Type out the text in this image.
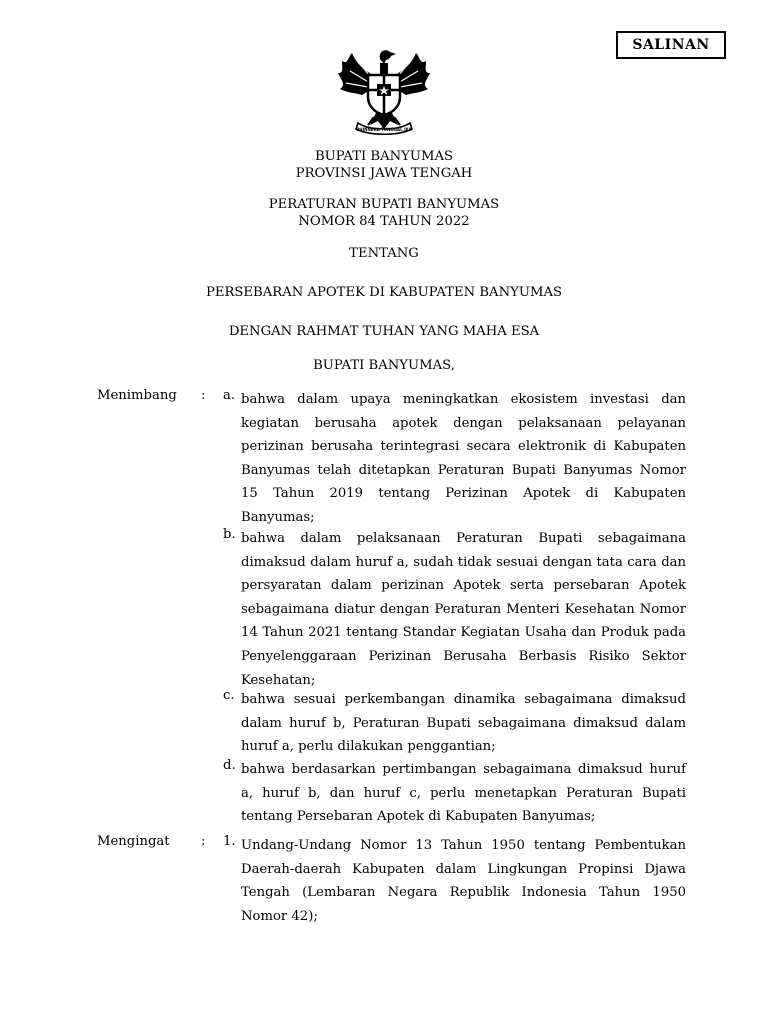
SALINAN
BHINNEKA TUNGGAL IKA
BUPATI BANYUMAS
PROVINSI JAWA TENGAH
PERATURAN BUPATI BANYUMAS
NOMOR 84 TAHUN 2022
TENTANG
PERSEBARAN APOTEK DI KABUPATEN BANYUMAS
DENGAN RAHMAT TUHAN YANG MAHA ESA
BUPATI BANYUMAS,
Menimbang : a. bahwa dalam upaya meningkatkan ekosistem investasi dan kegiatan berusaha apotek dengan pelaksanaan pelayanan perizinan berusaha terintegrasi secara elektronik di Kabupaten Banyumas telah ditetapkan Peraturan Bupati Banyumas Nomor 15 Tahun 2019 tentang Perizinan Apotek di Kabupaten Banyumas;
b. bahwa dalam pelaksanaan Peraturan Bupati sebagaimana dimaksud dalam huruf a, sudah tidak sesuai dengan tata cara dan persyaratan dalam perizinan Apotek serta persebaran Apotek sebagaimana diatur dengan Peraturan Menteri Kesehatan Nomor 14 Tahun 2021 tentang Standar Kegiatan Usaha dan Produk pada Penyelenggaraan Perizinan Berusaha Berbasis Risiko Sektor Kesehatan;
c. bahwa sesuai perkembangan dinamika sebagaimana dimaksud dalam huruf b, Peraturan Bupati sebagaimana dimaksud dalam huruf a, perlu dilakukan penggantian;
d. bahwa berdasarkan pertimbangan sebagaimana dimaksud huruf a, huruf b, dan huruf c, perlu menetapkan Peraturan Bupati tentang Persebaran Apotek di Kabupaten Banyumas;
Mengingat : 1. Undang-Undang Nomor 13 Tahun 1950 tentang Pembentukan Daerah-daerah Kabupaten dalam Lingkungan Propinsi Djawa Tengah (Lembaran Negara Republik Indonesia Tahun 1950 Nomor 42);
